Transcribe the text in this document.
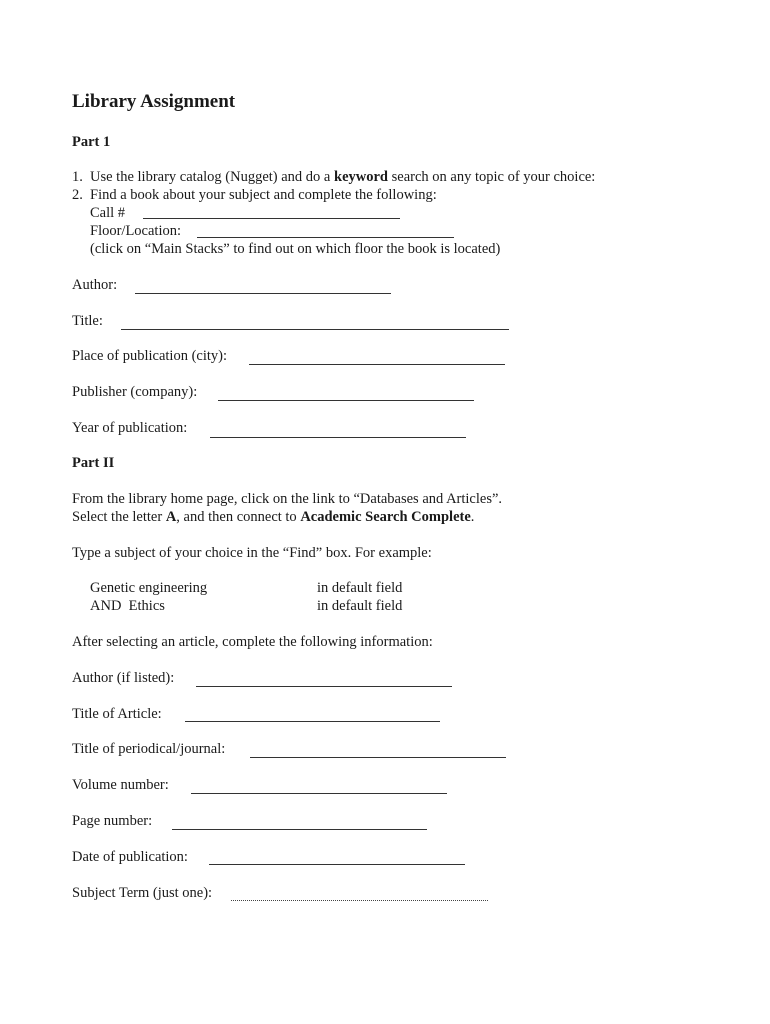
Library Assignment
Part 1
1. Use the library catalog (Nugget) and do a keyword search on any topic of your choice:
2. Find a book about your subject and complete the following:
Call #
Floor/Location:
(click on “Main Stacks” to find out on which floor the book is located)
Author:
Title:
Place of publication (city):
Publisher (company):
Year of publication:
Part II
From the library home page, click on the link to “Databases and Articles”.
Select the letter A, and then connect to Academic Search Complete.
Type a subject of your choice in the “Find” box. For example:
Genetic engineering	in default field
AND  Ethics	in default field
After selecting an article, complete the following information:
Author (if listed):
Title of Article:
Title of periodical/journal:
Volume number:
Page number:
Date of publication:
Subject Term (just one):
